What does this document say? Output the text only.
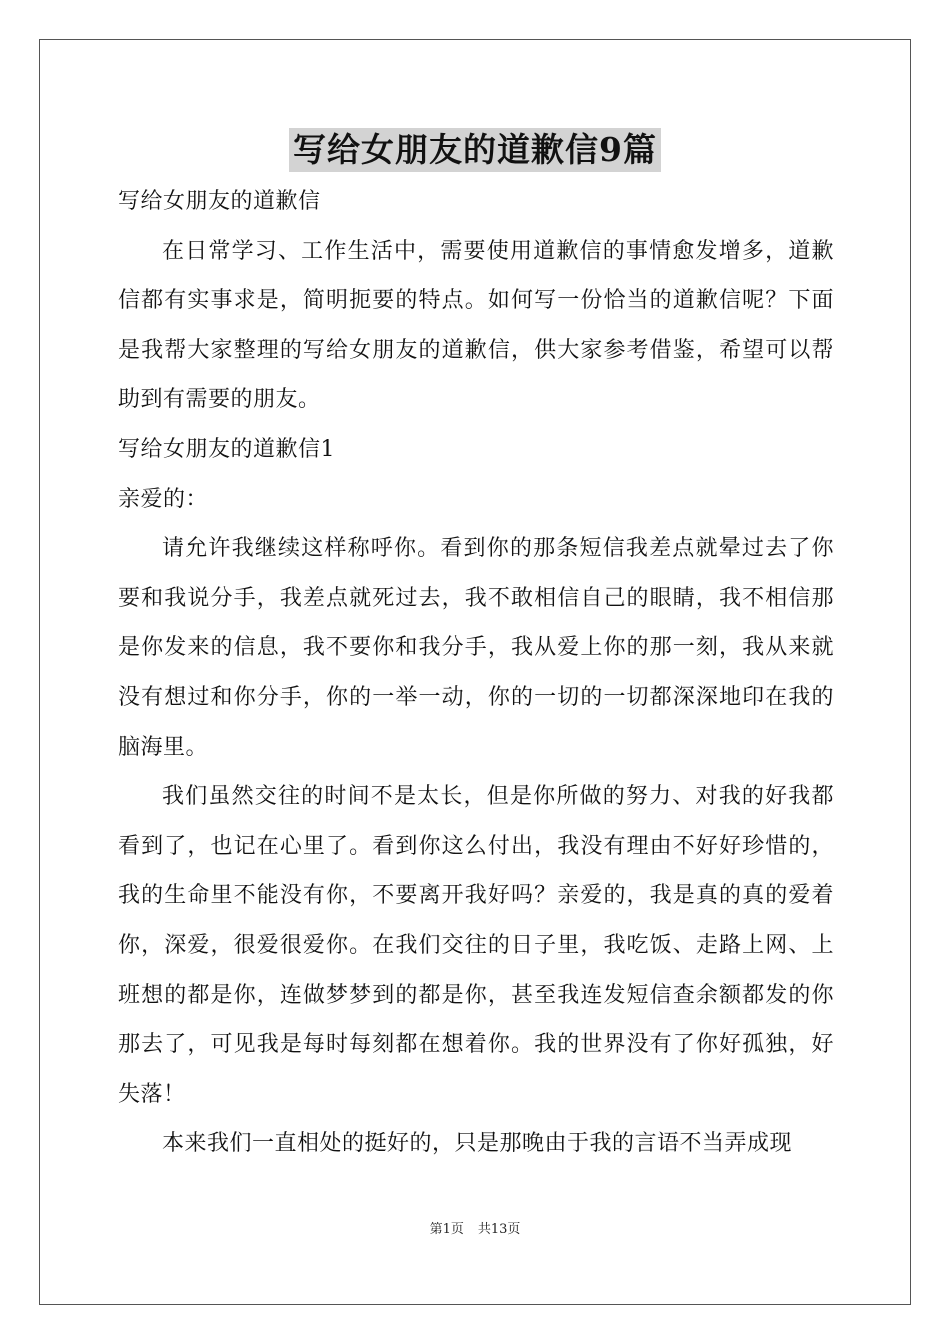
写给女朋友的道歉信9篇

写给女朋友的道歉信

在日常学习、工作生活中，需要使用道歉信的事情愈发增多，道歉信都有实事求是，简明扼要的特点。如何写一份恰当的道歉信呢？下面是我帮大家整理的写给女朋友的道歉信，供大家参考借鉴，希望可以帮助到有需要的朋友。

写给女朋友的道歉信1

亲爱的：

请允许我继续这样称呼你。看到你的那条短信我差点就晕过去了你要和我说分手，我差点就死过去，我不敢相信自己的眼睛，我不相信那是你发来的信息，我不要你和我分手，我从爱上你的那一刻，我从来就没有想过和你分手，你的一举一动，你的一切的一切都深深地印在我的脑海里。

我们虽然交往的时间不是太长，但是你所做的努力、对我的好我都看到了，也记在心里了。看到你这么付出，我没有理由不好好珍惜的，我的生命里不能没有你，不要离开我好吗？亲爱的，我是真的真的爱着你，深爱，很爱很爱你。在我们交往的日子里，我吃饭、走路上网、上班想的都是你，连做梦梦到的都是你，甚至我连发短信查余额都发的你那去了，可见我是每时每刻都在想着你。我的世界没有了你好孤独，好失落！

本来我们一直相处的挺好的，只是那晚由于我的言语不当弄成现

第1页 共13页
